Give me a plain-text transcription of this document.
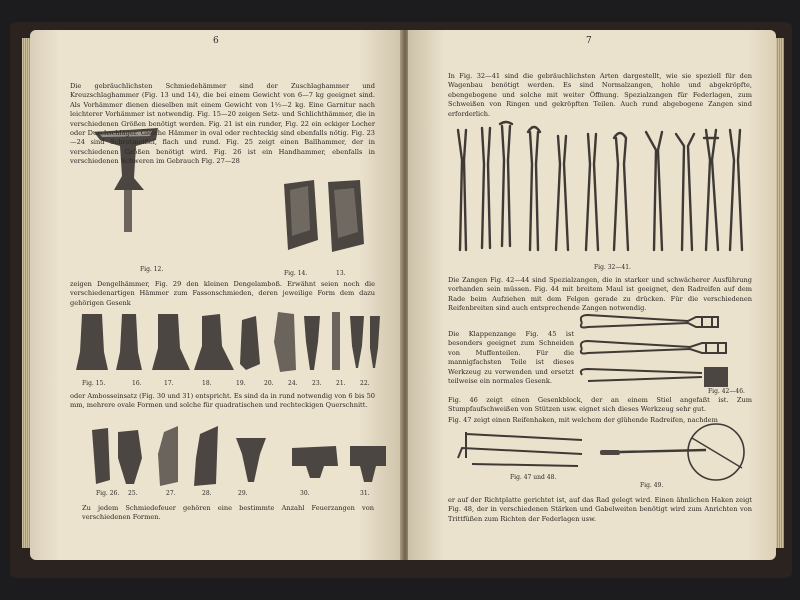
6
Die gebräuchlichsten Schmiedehämmer sind der Zuschlaghammer und Kreuzschlaghammer (Fig. 13 und 14), die bei einem Gewicht von 6—7 kg geeignet sind. Als Vorhämmer dienen dieselben mit einem Gewicht von 1½—2 kg. Eine Garnitur nach leichterer Vorhämmer ist notwendig. Fig. 15—20 zeigen Setz- und Schlichthämmer, die in verschiedenen Größen benötigt werden. Fig. 21 ist ein runder, Fig. 22 ein eckiger Locher oder Durchschläger. Gleiche Hämmer in oval oder rechteckig sind ebenfalls nötig. Fig. 23—24 sind Schrotmeißel, flach und rund. Fig. 25 zeigt einen Ballhammer, der in verschiedenen Größen benötigt wird. Fig. 26 ist ein Handhammer, ebenfalls in verschiedenen Schweren im Gebrauch Fig. 27—28
Fig. 12.
Fig. 14.	13.
zeigen Dengelhämmer, Fig. 29 den kleinen Dengelamboß. Erwähnt seien noch die verschiedenartigen Hämmer zum Fassonschmieden, deren jeweilige Form dem dazu gehörigen Gesenk
Fig. 15.	16.	17.	18.	19.	20. 24. 23. 21. 22.
oder Ambosseinsatz (Fig. 30 und 31) entspricht. Es sind da in rund notwendig von 6 bis 50 mm, mehrere ovale Formen und solche für quadratischen und rechteckigen Querschnitt.
Fig. 26. 25.	27.	28.	29.	30.	31.
Zu jedem Schmiedefeuer gehören eine bestimmte Anzahl Feuerzangen von verschiedenen Formen.
7
In Fig. 32—41 sind die gebräuchlichsten Arten dargestellt, wie sie speziell für den Wagenbau benötigt werden. Es sind Normalzangen, hohle und abgekröpfte, ebengebogene und solche mit weiter Öffnung. Spezialzangen für Federlagen, zum Schweißen von Ringen und gekröpften Teilen. Auch rund abgebogene Zangen sind erforderlich.
Fig. 32—41.
Die Zangen Fig. 42—44 sind Spezialzangen, die in starker und schwächerer Ausführung vorhanden sein müssen. Fig. 44 mit breitem Maul ist geeignet, den Radreifen auf dem Rade beim Aufziehen mit dem Felgen gerade zu drücken. Für die verschiedenen Reifenbreiten sind auch entsprechende Zangen notwendig.
Fig. 42—46.
Die Klappenzange Fig. 45 ist besonders geeignet zum Schneiden von Muffenteilen. Für die mannigfachsten Teile ist dieses Werkzeug zu verwenden und ersetzt teilweise ein normales Gesenk.
Fig. 46 zeigt einen Gesenkblock, der an einem Stiel angefaßt ist. Zum Stumpfaufschweißen von Stützen usw. eignet sich dieses Werkzeug sehr gut.
Fig. 47 zeigt einen Reifenhaken, mit welchem der glühende Radreifen, nachdem
Fig. 47 und 48.
Fig. 49.
er auf der Richtplatte gerichtet ist, auf das Rad gelegt wird. Einen ähnlichen Haken zeigt Fig. 48, der in verschiedenen Stärken und Gabelweiten benötigt wird zum Anrichten von Trittfüßen zum Richten der Federlagen usw.
